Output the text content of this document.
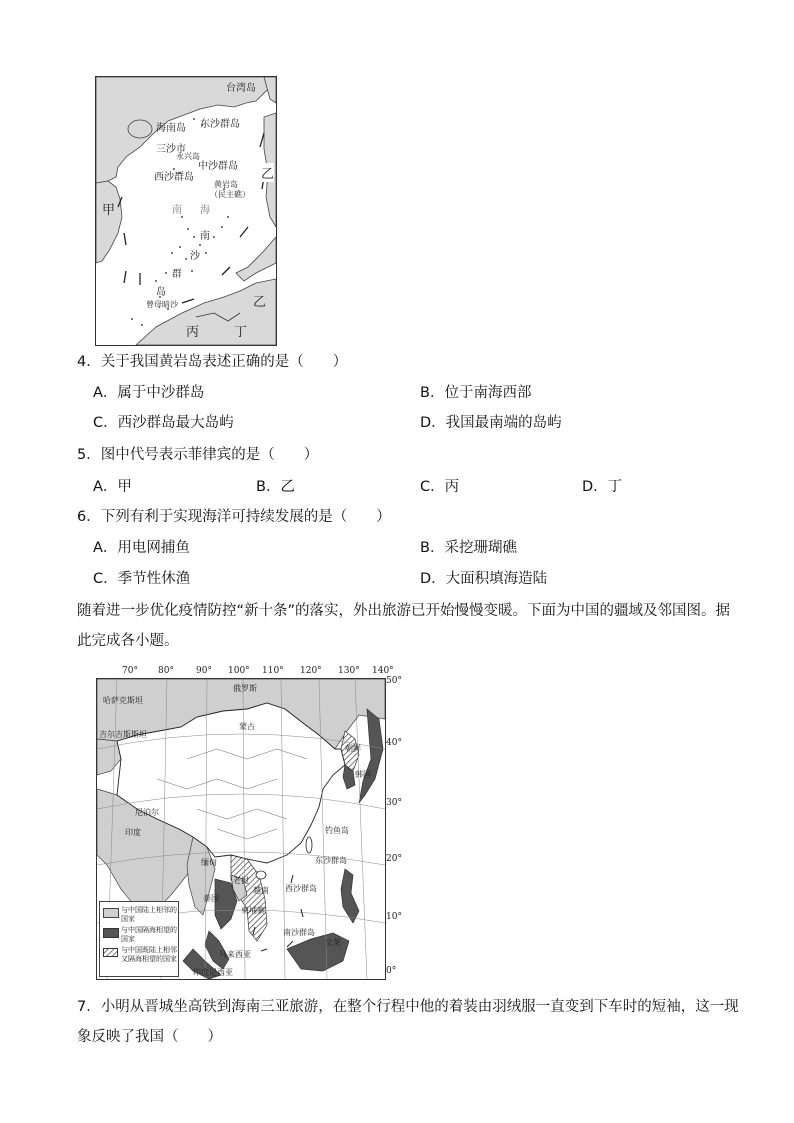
台湾岛
海南岛 东沙群岛
三沙市
永兴岛
中沙群岛
西沙群岛
黄岩岛
（民主礁）
南 海
南
沙
群
岛
曾母暗沙
甲
乙
乙
丙	丁
4．关于我国黄岩岛表述正确的是（　　）
A．属于中沙群岛	B．位于南海西部
C．西沙群岛最大岛屿	D．我国最南端的岛屿
5．图中代号表示菲律宾的是（　　）
A．甲	B．乙	C．丙	D．丁
6．下列有利于实现海洋可持续发展的是（　　）
A．用电网捕鱼	B．采挖珊瑚礁
C．季节性休渔	D．大面积填海造陆
随着进一步优化疫情防控“新十条”的落实，外出旅游已开始慢慢变暖。下面为中国的疆域及邻国图。据此完成各小题。
70° 80° 90° 100° 110° 120° 130° 140°
50°
40°
30°
20°
10°
0°
哈萨克斯坦
俄罗斯
蒙古
吉尔吉斯斯坦
朝鲜
韩国
尼泊尔
印度
缅甸
老挝
泰国
柬埔寨
越南
马来西亚
印度尼西亚
文莱
钓鱼岛
东沙群岛
西沙群岛
南沙群岛
与中国陆上相邻的国家
与中国隔海相望的国家
与中国既陆上相邻又隔海相望的国家
7．小明从晋城坐高铁到海南三亚旅游，在整个行程中他的着装由羽绒服一直变到下车时的短袖，这一现象反映了我国（　　）
